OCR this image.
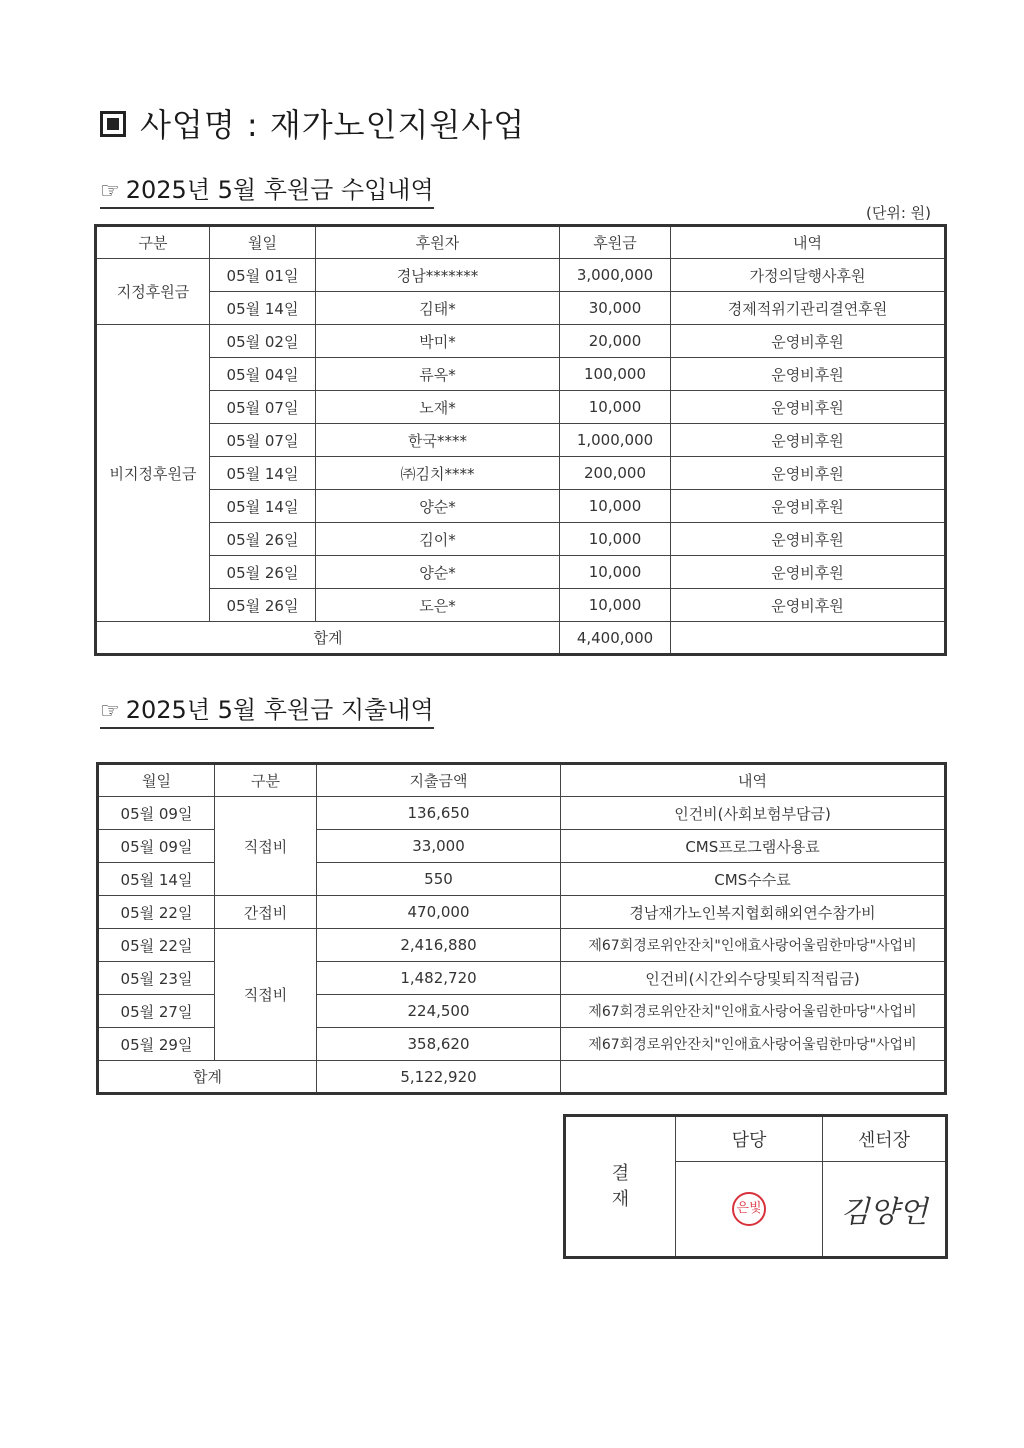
사업명 : 재가노인지원사업
☞ 2025년 5월 후원금 수입내역
(단위: 원)
구분	월일	후원자	후원금	내역
지정후원금	05월 01일	경남*******	3,000,000	가정의달행사후원
	05월 14일	김태*	30,000	경제적위기관리결연후원
비지정후원금	05월 02일	박미*	20,000	운영비후원
	05월 04일	류옥*	100,000	운영비후원
	05월 07일	노재*	10,000	운영비후원
	05월 07일	한국****	1,000,000	운영비후원
	05월 14일	㈜김치****	200,000	운영비후원
	05월 14일	양순*	10,000	운영비후원
	05월 26일	김이*	10,000	운영비후원
	05월 26일	양순*	10,000	운영비후원
	05월 26일	도은*	10,000	운영비후원
합계			4,400,000	
☞ 2025년 5월 후원금 지출내역
월일	구분	지출금액	내역
05월 09일	직접비	136,650	인건비(사회보험부담금)
05월 09일		33,000	CMS프로그램사용료
05월 14일		550	CMS수수료
05월 22일	간접비	470,000	경남재가노인복지협회해외연수참가비
05월 22일	직접비	2,416,880	제67회경로위안잔치"인애효사랑어울림한마당"사업비
05월 23일		1,482,720	인건비(시간외수당및퇴직적립금)
05월 27일		224,500	제67회경로위안잔치"인애효사랑어울림한마당"사업비
05월 29일		358,620	제67회경로위안잔치"인애효사랑어울림한마당"사업비
합계		5,122,920	
결
재	담당	센터장
	은빛	김양언
